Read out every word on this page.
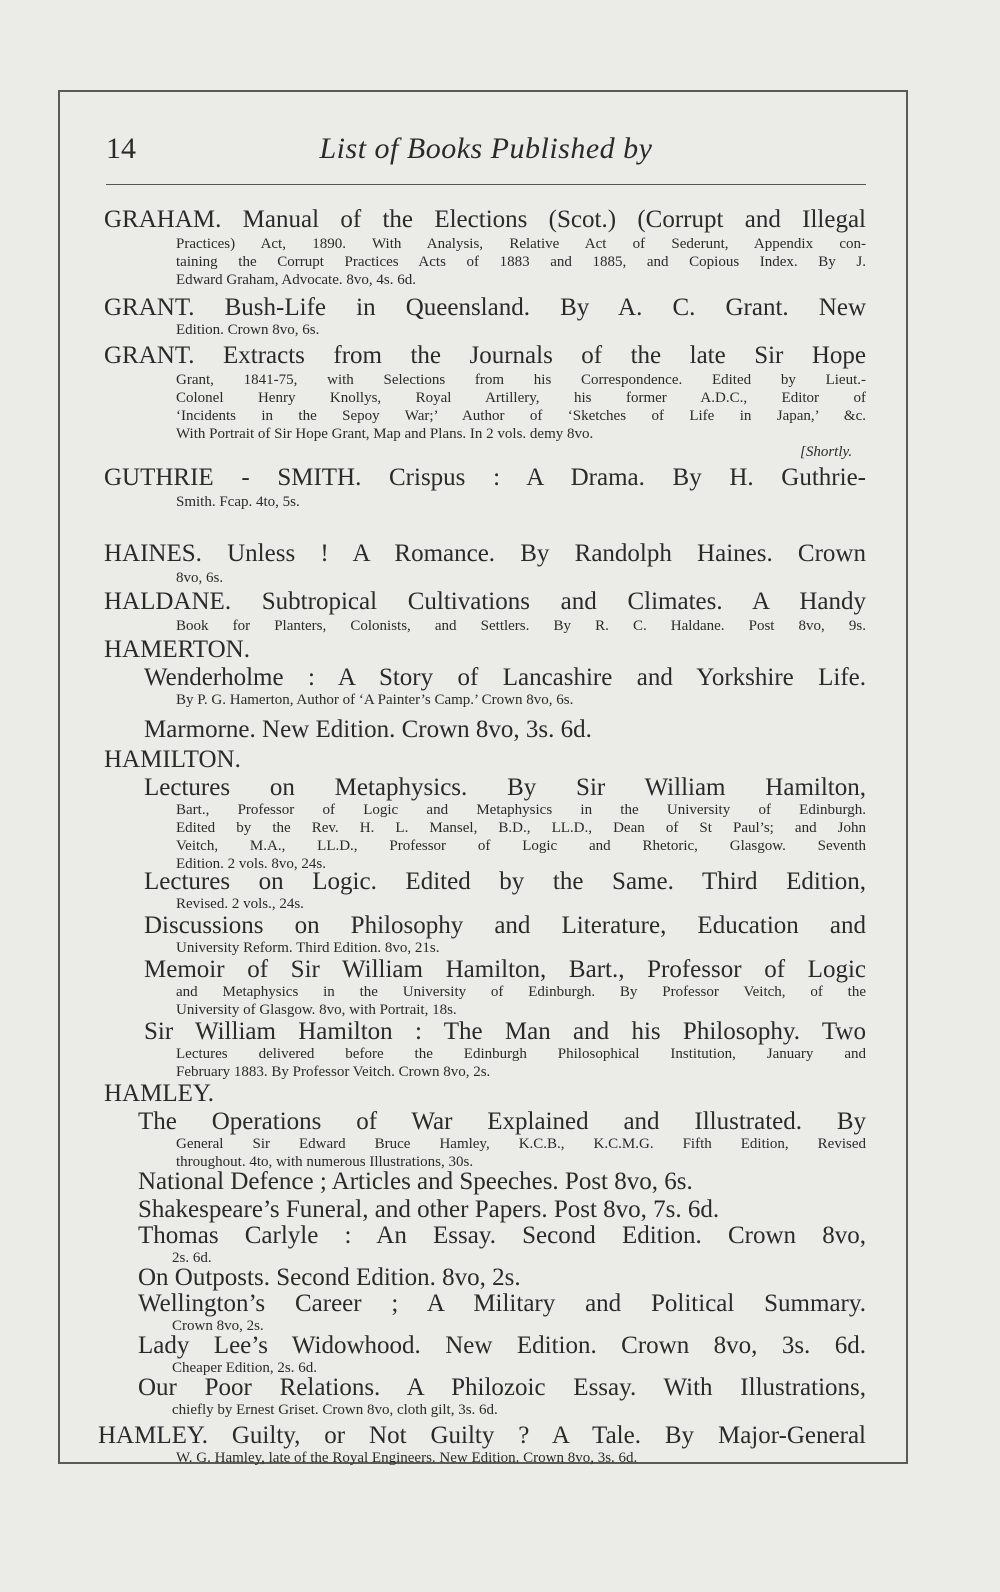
14	List of Books Published by
GRAHAM. Manual of the Elections (Scot.) (Corrupt and Illegal
Practices) Act, 1890. With Analysis, Relative Act of Sederunt, Appendix con-
taining the Corrupt Practices Acts of 1883 and 1885, and Copious Index. By J.
Edward Graham, Advocate. 8vo, 4s. 6d.
GRANT. Bush-Life in Queensland. By A. C. Grant. New
Edition. Crown 8vo, 6s.
GRANT. Extracts from the Journals of the late Sir Hope
Grant, 1841-75, with Selections from his Correspondence. Edited by Lieut.-
Colonel Henry Knollys, Royal Artillery, his former A.D.C., Editor of
‘Incidents in the Sepoy War;’ Author of ‘Sketches of Life in Japan,’ &c.
With Portrait of Sir Hope Grant, Map and Plans. In 2 vols. demy 8vo.
[Shortly.
GUTHRIE - SMITH. Crispus : A Drama. By H. Guthrie-
Smith. Fcap. 4to, 5s.
HAINES. Unless ! A Romance. By Randolph Haines. Crown
8vo, 6s.
HALDANE. Subtropical Cultivations and Climates. A Handy
Book for Planters, Colonists, and Settlers. By R. C. Haldane. Post 8vo, 9s.
HAMERTON.
Wenderholme : A Story of Lancashire and Yorkshire Life.
By P. G. Hamerton, Author of ‘A Painter’s Camp.’ Crown 8vo, 6s.
Marmorne. New Edition. Crown 8vo, 3s. 6d.
HAMILTON.
Lectures on Metaphysics. By Sir William Hamilton,
Bart., Professor of Logic and Metaphysics in the University of Edinburgh.
Edited by the Rev. H. L. Mansel, B.D., LL.D., Dean of St Paul’s; and John
Veitch, M.A., LL.D., Professor of Logic and Rhetoric, Glasgow. Seventh
Edition. 2 vols. 8vo, 24s.
Lectures on Logic. Edited by the Same. Third Edition,
Revised. 2 vols., 24s.
Discussions on Philosophy and Literature, Education and
University Reform. Third Edition. 8vo, 21s.
Memoir of Sir William Hamilton, Bart., Professor of Logic
and Metaphysics in the University of Edinburgh. By Professor Veitch, of the
University of Glasgow. 8vo, with Portrait, 18s.
Sir William Hamilton : The Man and his Philosophy. Two
Lectures delivered before the Edinburgh Philosophical Institution, January and
February 1883. By Professor Veitch. Crown 8vo, 2s.
HAMLEY.
The Operations of War Explained and Illustrated. By
General Sir Edward Bruce Hamley, K.C.B., K.C.M.G. Fifth Edition, Revised
throughout. 4to, with numerous Illustrations, 30s.
National Defence ; Articles and Speeches. Post 8vo, 6s.
Shakespeare’s Funeral, and other Papers. Post 8vo, 7s. 6d.
Thomas Carlyle : An Essay. Second Edition. Crown 8vo,
2s. 6d.
On Outposts. Second Edition. 8vo, 2s.
Wellington’s Career ; A Military and Political Summary.
Crown 8vo, 2s.
Lady Lee’s Widowhood. New Edition. Crown 8vo, 3s. 6d.
Cheaper Edition, 2s. 6d.
Our Poor Relations. A Philozoic Essay. With Illustrations,
chiefly by Ernest Griset. Crown 8vo, cloth gilt, 3s. 6d.
HAMLEY. Guilty, or Not Guilty ? A Tale. By Major-General
W. G. Hamley, late of the Royal Engineers. New Edition. Crown 8vo, 3s. 6d.
